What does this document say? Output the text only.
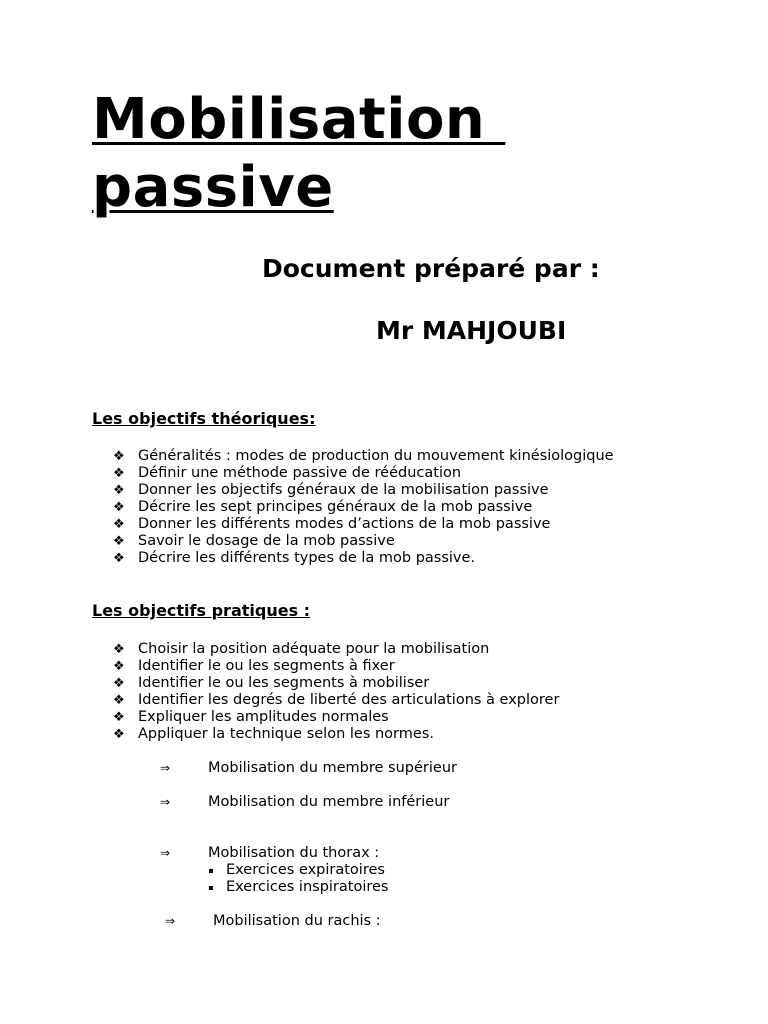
Mobilisation
passive

Document préparé par :

Mr MAHJOUBI

Les objectifs théoriques:
❖ Généralités : modes de production du mouvement kinésiologique
❖ Définir une méthode passive de rééducation
❖ Donner les objectifs généraux de la mobilisation passive
❖ Décrire les sept principes généraux de la mob passive
❖ Donner les différents modes d’actions de la mob passive
❖ Savoir le dosage de la mob passive
❖ Décrire les différents types de la mob passive.
Les objectifs pratiques :
❖ Choisir la position adéquate pour la mobilisation
❖ Identifier le ou les segments à fixer
❖ Identifier le ou les segments à mobiliser
❖ Identifier les degrés de liberté des articulations à explorer
❖ Expliquer les amplitudes normales
❖ Appliquer la technique selon les normes.
⇒	Mobilisation du membre supérieur
⇒	Mobilisation du membre inférieur
⇒	Mobilisation du thorax :
Exercices expiratoires
Exercices inspiratoires
⇒	Mobilisation du rachis :
